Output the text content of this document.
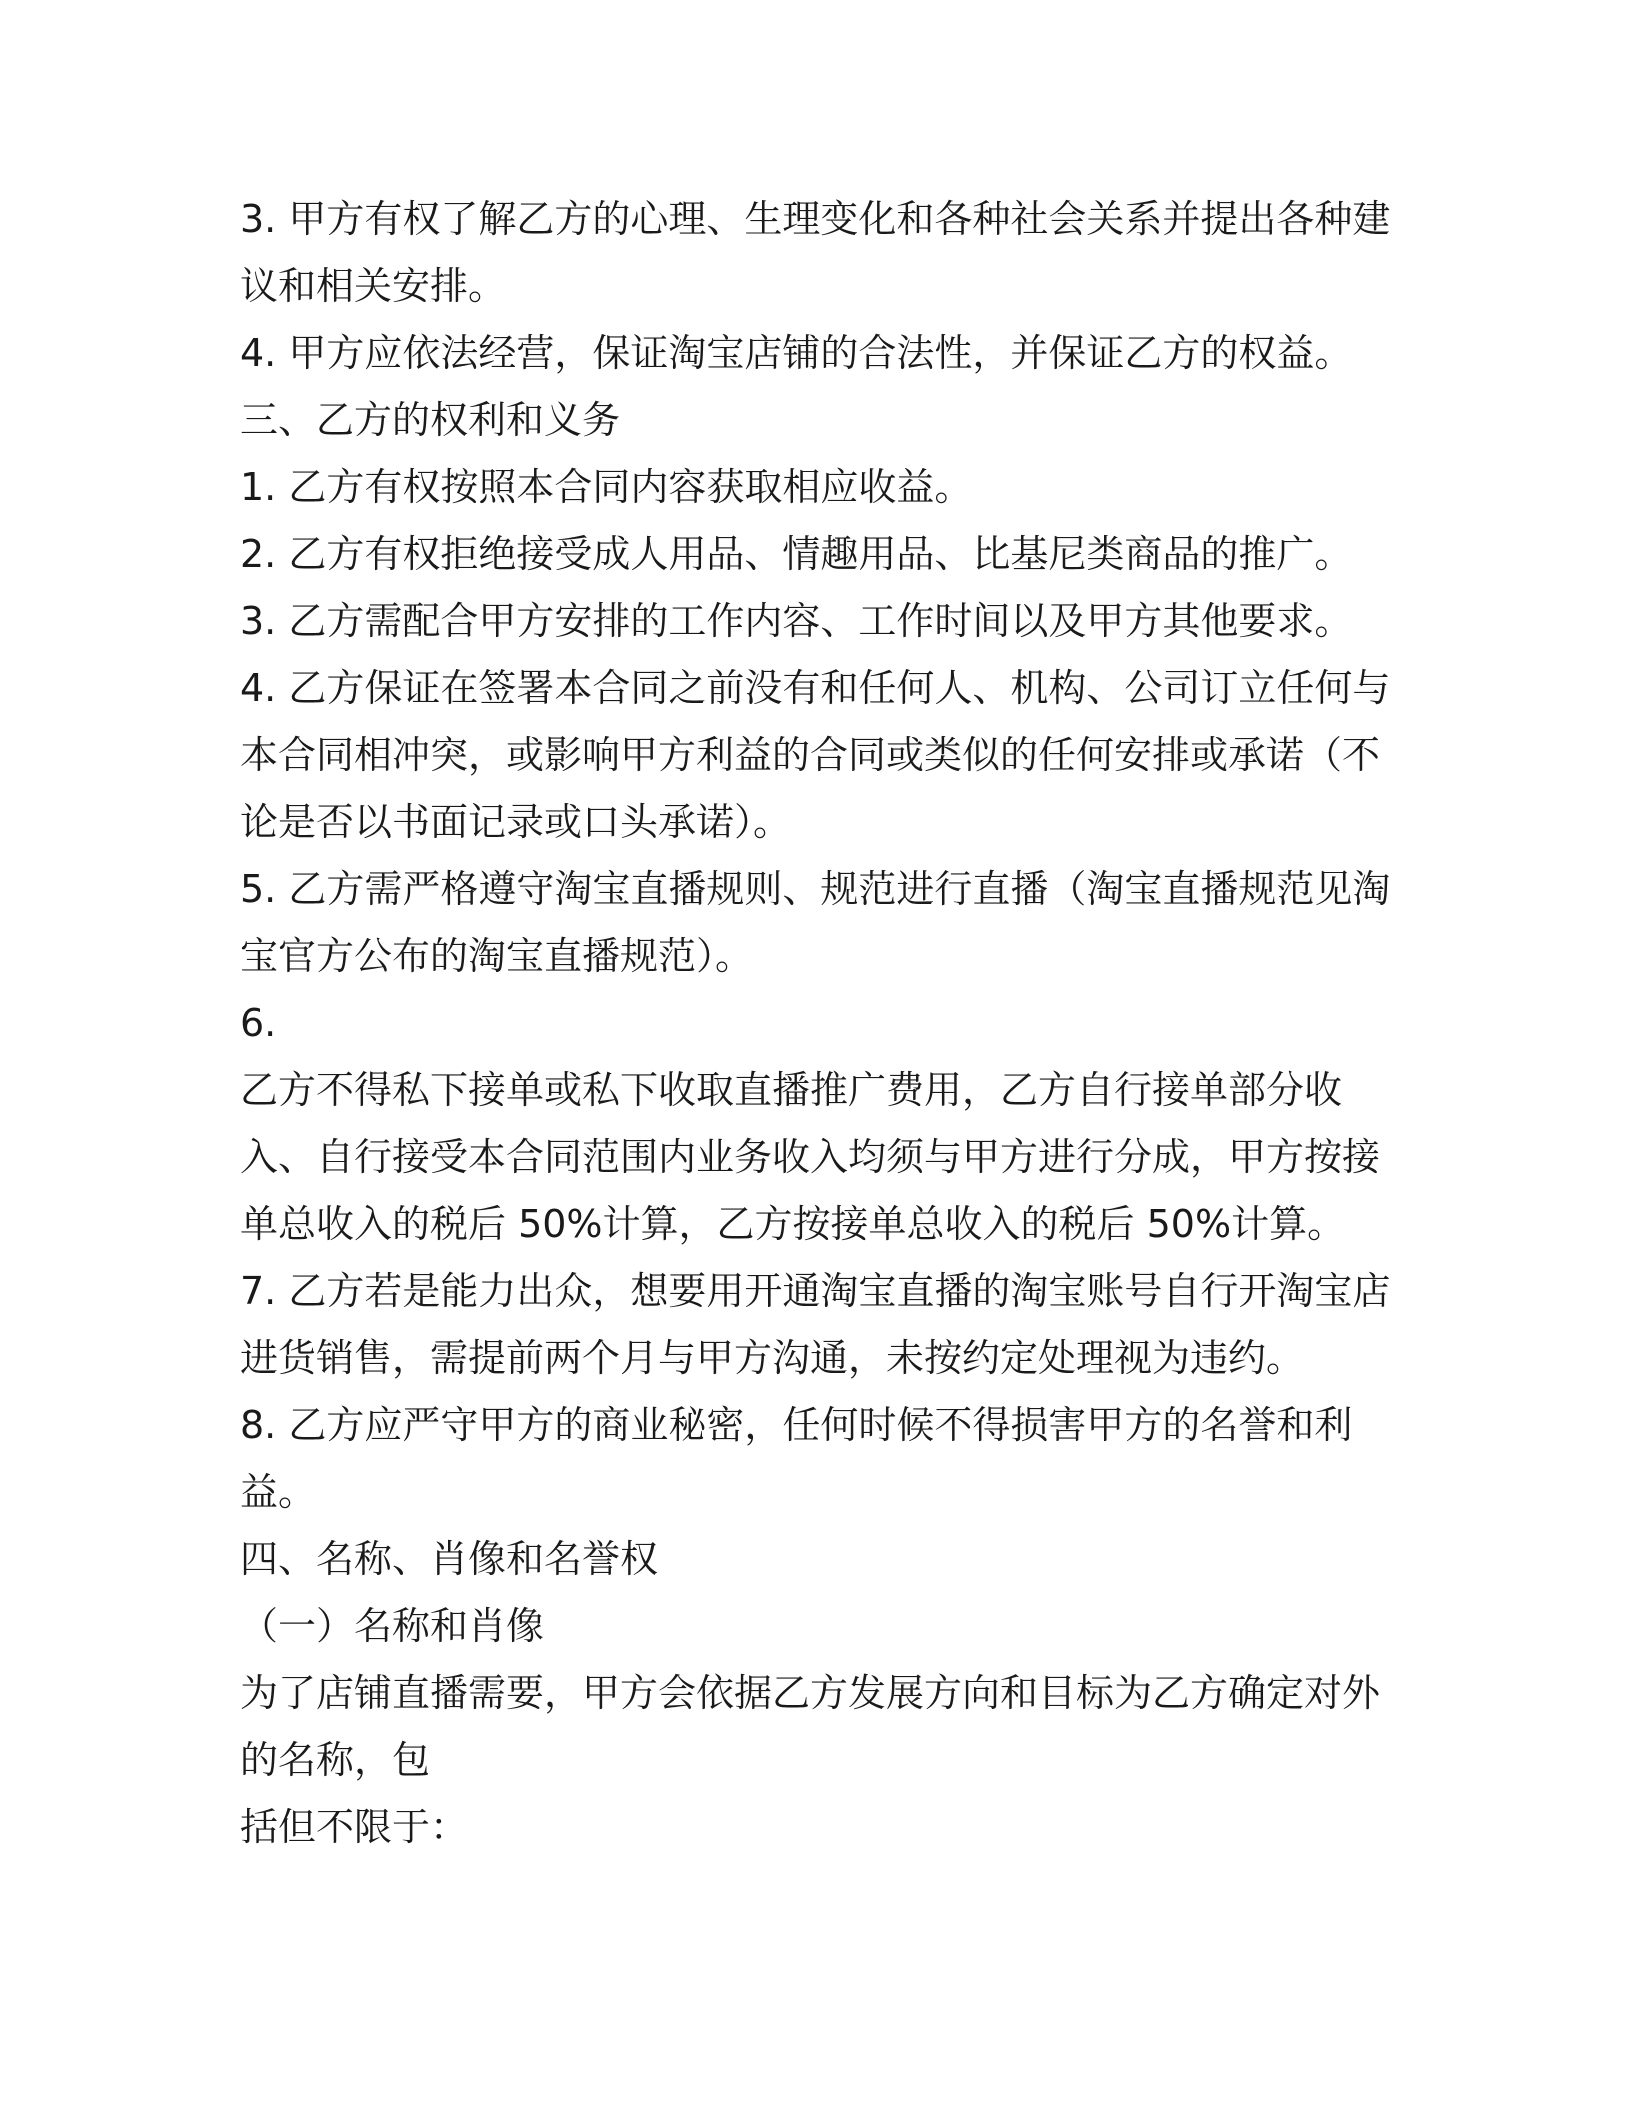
3. 甲方有权了解乙方的心理、生理变化和各种社会关系并提出各种建
议和相关安排。
4. 甲方应依法经营，保证淘宝店铺的合法性，并保证乙方的权益。
三、乙方的权利和义务
1. 乙方有权按照本合同内容获取相应收益。
2. 乙方有权拒绝接受成人用品、情趣用品、比基尼类商品的推广。
3. 乙方需配合甲方安排的工作内容、工作时间以及甲方其他要求。
4. 乙方保证在签署本合同之前没有和任何人、机构、公司订立任何与
本合同相冲突，或影响甲方利益的合同或类似的任何安排或承诺（不
论是否以书面记录或口头承诺）。
5. 乙方需严格遵守淘宝直播规则、规范进行直播（淘宝直播规范见淘
宝官方公布的淘宝直播规范）。
6.
乙方不得私下接单或私下收取直播推广费用，乙方自行接单部分收
入、自行接受本合同范围内业务收入均须与甲方进行分成，甲方按接
单总收入的税后 50%计算，乙方按接单总收入的税后 50%计算。
7. 乙方若是能力出众，想要用开通淘宝直播的淘宝账号自行开淘宝店
进货销售，需提前两个月与甲方沟通，未按约定处理视为违约。
8. 乙方应严守甲方的商业秘密，任何时候不得损害甲方的名誉和利
益。
四、名称、肖像和名誉权
（一）名称和肖像
为了店铺直播需要，甲方会依据乙方发展方向和目标为乙方确定对外
的名称，包
括但不限于：
